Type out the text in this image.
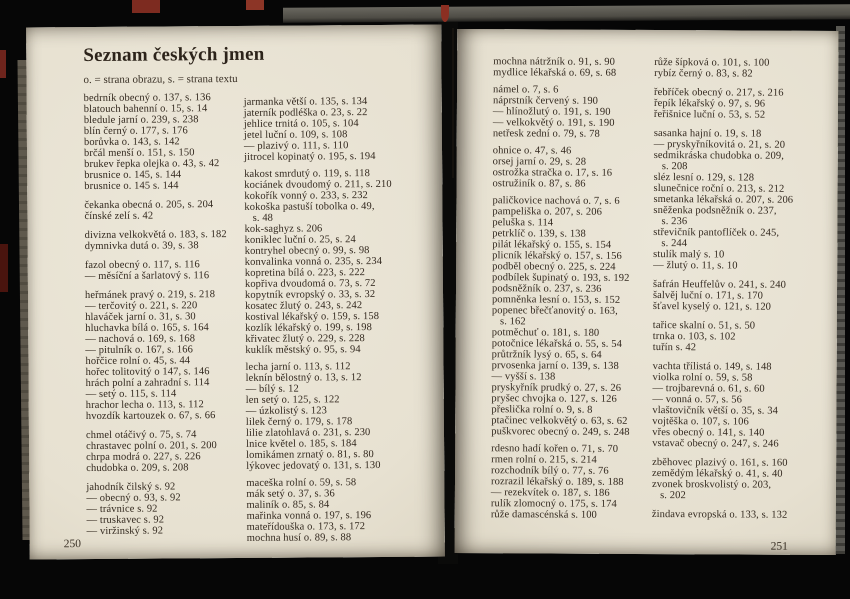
Seznam českých jmen
o. = strana obrazu, s. = strana textu
bedrník obecný o. 137, s. 136
blatouch bahenní o. 15, s. 14
bledule jarní o. 239, s. 238
blín černý o. 177, s. 176
borůvka o. 143, s. 142
brčál menší o. 151, s. 150
brukev řepka olejka o. 43, s. 42
brusnice o. 145, s. 144
brusnice o. 145 s. 144
čekanka obecná o. 205, s. 204
čínské zelí s. 42
divizna velkokvětá o. 183, s. 182
dymnivka dutá o. 39, s. 38
fazol obecný o. 117, s. 116
— měsíční a šarlatový s. 116
heřmánek pravý o. 219, s. 218
— terčovitý o. 221, s. 220
hlaváček jarní o. 31, s. 30
hluchavka bílá o. 165, s. 164
— nachová o. 169, s. 168
— pitulník o. 167, s. 166
hořčice rolní o. 45, s. 44
hořec tolitovitý o 147, s. 146
hrách polní a zahradní s. 114
— setý o. 115, s. 114
hrachor lecha o. 113, s. 112
hvozdík kartouzek o. 67, s. 66
chmel otáčivý o. 75, s. 74
chrastavec polní o. 201, s. 200
chrpa modrá o. 227, s. 226
chudobka o. 209, s. 208
jahodník čilský s. 92
— obecný o. 93, s. 92
— trávnice s. 92
— truskavec s. 92
— viržinský s. 92
jarmanka větší o. 135, s. 134
jaterník podléška o. 23, s. 22
jehlice trnitá o. 105, s. 104
jetel luční o. 109, s. 108
— plazivý o. 111, s. 110
jitrocel kopinatý o. 195, s. 194
kakost smrdutý o. 119, s. 118
kociánek dvoudomý o. 211, s. 210
kokořík vonný o. 233, s. 232
kokoška pastuší tobolka o. 49,
s. 48
kok-saghyz s. 206
koniklec luční o. 25, s. 24
kontryhel obecný o. 99, s. 98
konvalinka vonná o. 235, s. 234
kopretina bílá o. 223, s. 222
kopřiva dvoudomá o. 73, s. 72
kopytník evropský o. 33, s. 32
kosatec žlutý o. 243, s. 242
kostival lékařský o. 159, s. 158
kozlík lékařský o. 199, s. 198
křivatec žlutý o. 229, s. 228
kuklík městský o. 95, s. 94
lecha jarní o. 113, s. 112
leknín bělostný o. 13, s. 12
— bílý s. 12
len setý o. 125, s. 122
— úzkolistý s. 123
lilek černý o. 179, s. 178
lilie zlatohlavá o. 231, s. 230
lnice květel o. 185, s. 184
lomikámen zrnatý o. 81, s. 80
lýkovec jedovatý o. 131, s. 130
maceška rolní o. 59, s. 58
mák setý o. 37, s. 36
maliník o. 85, s. 84
mařinka vonná o. 197, s. 196
mateřídouška o. 173, s. 172
mochna husí o. 89, s. 88
250
mochna nátržník o. 91, s. 90
mydlice lékařská o. 69, s. 68
námel o. 7, s. 6
náprstník červený s. 190
— hlínožlutý o. 191, s. 190
— velkokvětý o. 191, s. 190
netřesk zední o. 79, s. 78
ohnice o. 47, s. 46
orsej jarní o. 29, s. 28
ostrožka stračka o. 17, s. 16
ostružiník o. 87, s. 86
paličkovice nachová o. 7, s. 6
pampeliška o. 207, s. 206
peluška s. 114
petrklíč o. 139, s. 138
pilát lékařský o. 155, s. 154
plicník lékařský o. 157, s. 156
podběl obecný o. 225, s. 224
podbílek šupinatý o. 193, s. 192
podsněžník o. 237, s. 236
pomněnka lesní o. 153, s. 152
popenec břečťanovitý o. 163,
s. 162
potměchuť o. 181, s. 180
potočnice lékařská o. 55, s. 54
průtržník lysý o. 65, s. 64
prvosenka jarní o. 139, s. 138
— vyšší s. 138
pryskyřník prudký o. 27, s. 26
pryšec chvojka o. 127, s. 126
přeslička rolní o. 9, s. 8
ptačinec velkokvětý o. 63, s. 62
puškvorec obecný o. 249, s. 248
rdesno hadí kořen o. 71, s. 70
rmen rolní o. 215, s. 214
rozchodník bílý o. 77, s. 76
rozrazil lékařský o. 189, s. 188
— rezekvítek o. 187, s. 186
rulík zlomocný o. 175, s. 174
růže damascénská s. 100
růže šípková o. 101, s. 100
rybíz černý o. 83, s. 82
řebříček obecný o. 217, s. 216
řepík lékařský o. 97, s. 96
řeřišnice luční o. 53, s. 52
sasanka hajní o. 19, s. 18
— pryskyřníkovitá o. 21, s. 20
sedmikráska chudobka o. 209,
s. 208
sléz lesní o. 129, s. 128
slunečnice roční o. 213, s. 212
smetanka lékařská o. 207, s. 206
sněženka podsněžník o. 237,
s. 236
střevičník pantoflíček o. 245,
s. 244
stulík malý s. 10
— žlutý o. 11, s. 10
šafrán Heuffelův o. 241, s. 240
šalvěj luční o. 171, s. 170
šťavel kyselý o. 121, s. 120
tařice skalní o. 51, s. 50
trnka o. 103, s. 102
tuřín s. 42
vachta třílistá o. 149, s. 148
violka rolní o. 59, s. 58
— trojbarevná o. 61, s. 60
— vonná o. 57, s. 56
vlaštovičník větší o. 35, s. 34
vojtěška o. 107, s. 106
vřes obecný o. 141, s. 140
vstavač obecný o. 247, s. 246
zběhovec plazivý o. 161, s. 160
zemědým lékařský o. 41, s. 40
zvonek broskvolistý o. 203,
s. 202
žindava evropská o. 133, s. 132
251
